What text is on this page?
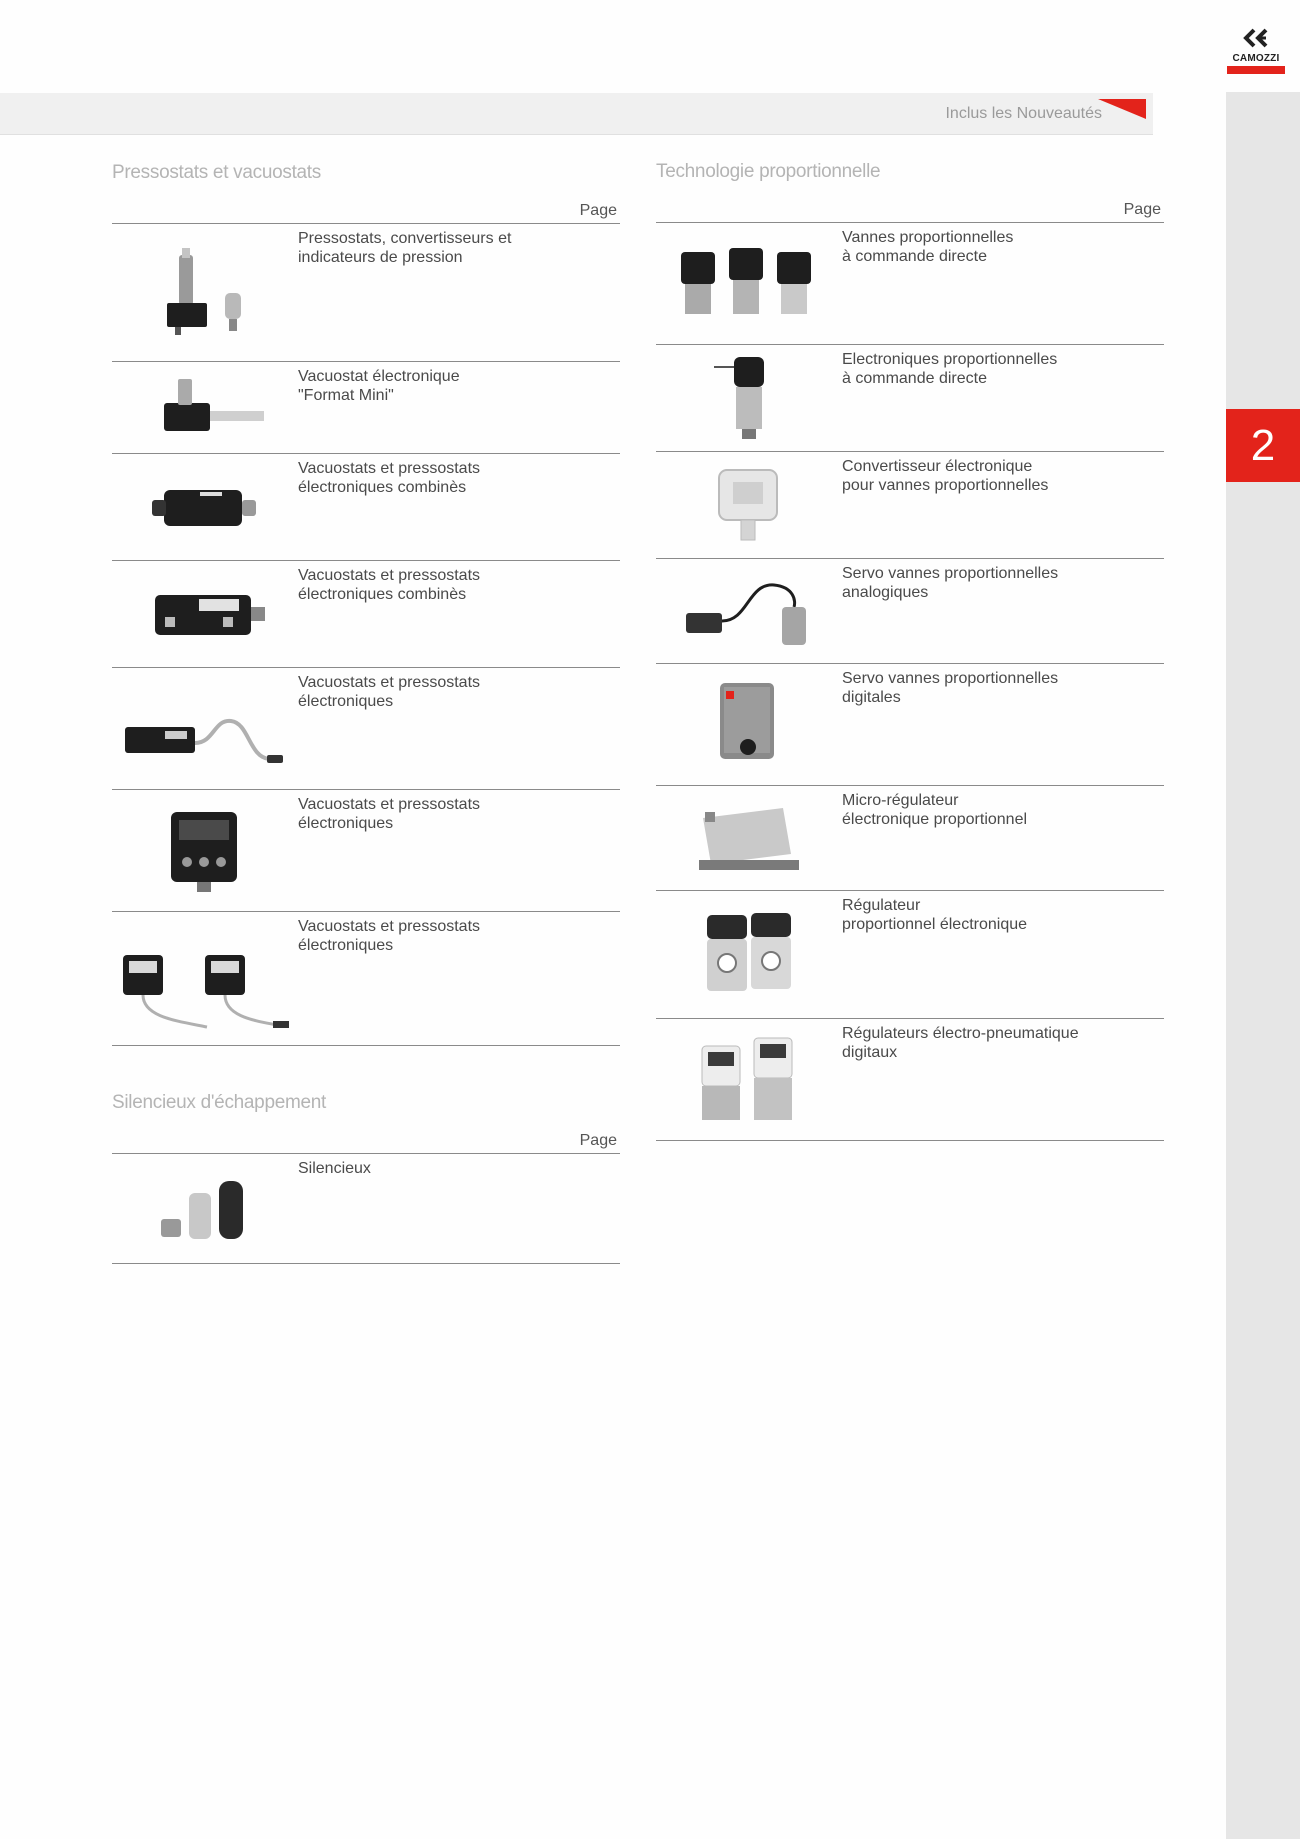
2
CAMOZZI
Inclus les Nouveautés
Pressostats et vacuostats
Page
Pressostats, convertisseurs et
indicateurs de pression
Vacuostat électronique
"Format Mini"
Vacuostats et pressostats
électroniques combinès
Vacuostats et pressostats
électroniques combinès
Vacuostats et pressostats
électroniques
Vacuostats et pressostats
électroniques
Vacuostats et pressostats
électroniques
Silencieux d'échappement
Page
Silencieux
Technologie proportionnelle
Page
Vannes proportionnelles
à commande directe
Electroniques proportionnelles
à commande directe
Convertisseur électronique
pour vannes proportionnelles
Servo vannes proportionnelles
analogiques
Servo vannes proportionnelles
digitales
Micro-régulateur
électronique proportionnel
Régulateur
proportionnel électronique
Régulateurs électro-pneumatique
digitaux
